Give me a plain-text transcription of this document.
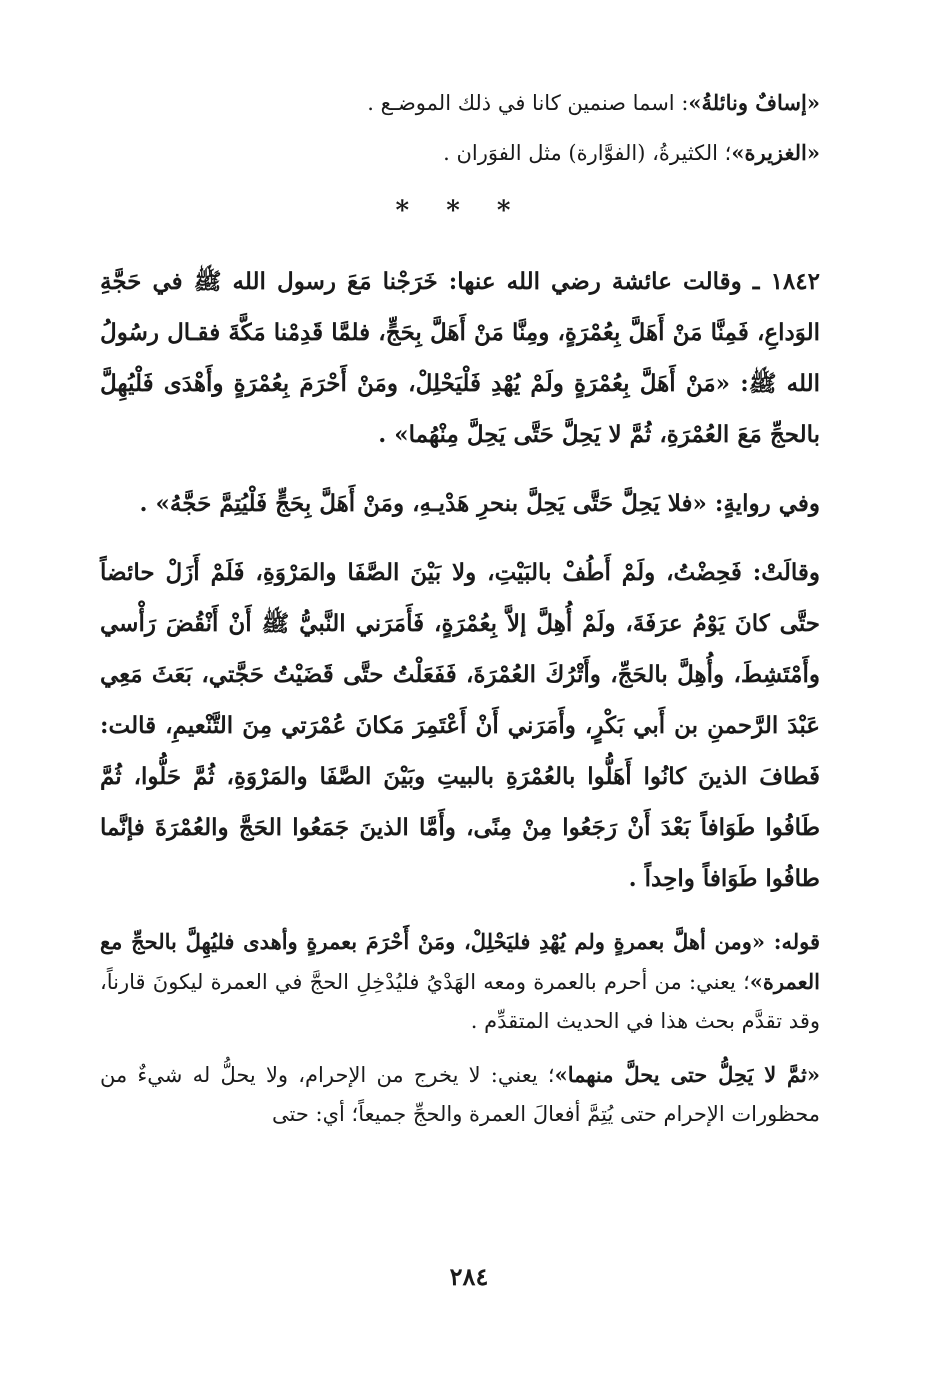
«إسافٌ ونائلةُ»: اسما صنمين كانا في ذلك الموضـع .

«الغزيرة»؛ الكثيرةُ، (الفوَّارة) مثل الفوَران .

* * *

١٨٤٢ ـ وقالت عائشة رضي الله عنها: خَرَجْنا مَعَ رسول الله ﷺ في حَجَّةِ الوَداعِ، فَمِنَّا مَنْ أَهَلَّ بِعُمْرَةٍ، ومِنَّا مَنْ أَهَلَّ بِحَجٍّ، فلمَّا قَدِمْنا مَكَّةَ فقـال رسُولُ الله ﷺ: «مَنْ أَهَلَّ بِعُمْرَةٍ ولَمْ يُهْدِ فَلْيَحْلِلْ، ومَنْ أَحْرَمَ بِعُمْرَةٍ وأَهْدَى فَلْيُهِلَّ بالحجِّ مَعَ العُمْرَةِ، ثُمَّ لا يَحِلَّ حَتَّى يَحِلَّ مِنْهُما» .

وفي روايةٍ: «فلا يَحِلَّ حَتَّى يَحِلَّ بنحرِ هَدْيـهِ، ومَنْ أَهَلَّ بِحَجٍّ فَلْيُتِمَّ حَجَّهُ» .

وقالَتْ: فَحِضْتُ، ولَمْ أَطُفْ بالبَيْتِ، ولا بَيْنَ الصَّفَا والمَرْوَةِ، فَلَمْ أَزَلْ حائضاً حتَّى كانَ يَوْمُ عرَفَةَ، ولَمْ أُهِلَّ إلاَّ بِعُمْرَةٍ، فَأَمَرَني النَّبيُّ ﷺ أَنْ أَنْقُضَ رَأْسي وأَمْتَشِطَ، وأُهِلَّ بالحَجِّ، وأَتْرُكَ العُمْرَةَ، فَفَعَلْتُ حتَّى قَضَيْتُ حَجَّتي، بَعَثَ مَعِي عَبْدَ الرَّحمنِ بن أَبي بَكْرٍ، وأَمَرَني أَنْ أَعْتَمِرَ مَكانَ عُمْرَتي مِنَ التَّنْعيمِ، قالت: فَطافَ الذينَ كانُوا أَهَلُّوا بالعُمْرَةِ بالبيتِ وبَيْنَ الصَّفَا والمَرْوَةِ، ثُمَّ حَلُّوا، ثُمَّ طَافُوا طَوَافاً بَعْدَ أَنْ رَجَعُوا مِنْ مِنًى، وأَمَّا الذينَ جَمَعُوا الحَجَّ والعُمْرَةَ فإنَّما طافُوا طَوَافاً واحِداً .

قوله: «ومن أهلَّ بعمرةٍ ولم يُهْدِ فليَحْلِلْ، ومَنْ أَحْرَمَ بعمرةٍ وأهدى فليُهِلَّ بالحجِّ مع العمرة»؛ يعني: من أحرم بالعمرة ومعه الهَدْيُ فليُدْخِلِ الحجَّ في العمرة ليكونَ قارناً، وقد تقدَّم بحث هذا في الحديث المتقدِّم .

«ثمَّ لا يَحِلُّ حتى يحلَّ منهما»؛ يعني: لا يخرج من الإحرام، ولا يحلُّ له شيءٌ من محظورات الإحرام حتى يُتِمَّ أفعالَ العمرة والحجِّ جميعاً؛ أي: حتى

٢٨٤
